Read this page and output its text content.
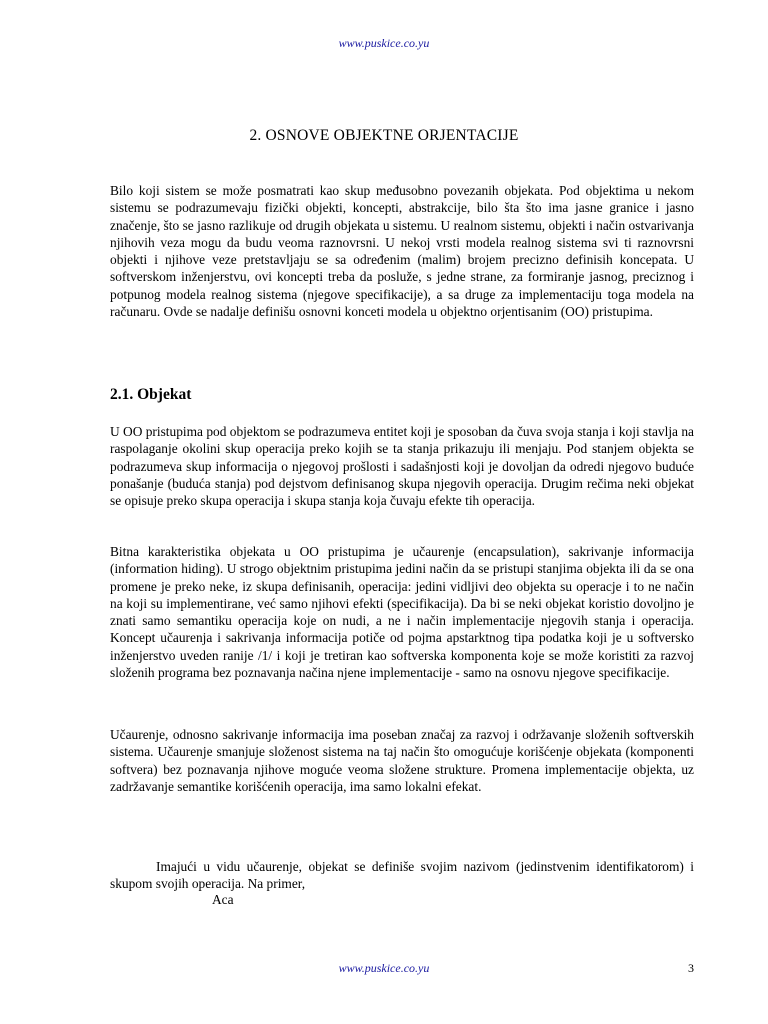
www.puskice.co.yu
2. OSNOVE OBJEKTNE ORJENTACIJE

Bilo koji sistem se može posmatrati kao skup međusobno povezanih objekata. Pod objektima u nekom sistemu se podrazumevaju fizički objekti, koncepti, abstrakcije, bilo šta što ima jasne granice i jasno značenje, što se jasno razlikuje od drugih objekata u sistemu. U realnom sistemu, objekti i način ostvarivanja njihovih veza mogu da budu veoma raznovrsni. U nekoj vrsti modela realnog sistema svi ti raznovrsni objekti i njihove veze pretstavljaju se sa određenim (malim) brojem precizno definisih koncepata. U softverskom inženjerstvu, ovi koncepti treba da posluže, s jedne strane, za formiranje jasnog, preciznog i potpunog modela realnog sistema (njegove specifikacije), a sa druge za implementaciju toga modela na računaru. Ovde se nadalje definišu osnovni konceti modela u objektno orjentisanim (OO) pristupima.

2.1. Objekat

U OO pristupima pod objektom se podrazumeva entitet koji je sposoban da čuva svoja stanja i koji stavlja na raspolaganje okolini skup operacija preko kojih se ta stanja prikazuju ili menjaju. Pod stanjem objekta se podrazumeva skup informacija o njegovoj prošlosti i sadašnjosti koji je dovoljan da odredi njegovo buduće ponašanje (buduća stanja) pod dejstvom definisanog skupa njegovih operacija. Drugim rečima neki objekat se opisuje preko skupa operacija i skupa stanja koja čuvaju efekte tih operacija.

Bitna karakteristika objekata u OO pristupima je učaurenje (encapsulation), sakrivanje informacija (information hiding). U strogo objektnim pristupima jedini način da se pristupi stanjima objekta ili da se ona promene je preko neke, iz skupa definisanih, operacija: jedini vidljivi deo objekta su operacje i to ne način na koji su implementirane, već samo njihovi efekti (specifikacija). Da bi se neki objekat koristio dovoljno je znati samo semantiku operacija koje on nudi, a ne i način implementacije njegovih stanja i operacija. Koncept učaurenja i sakrivanja informacija potiče od pojma apstarktnog tipa podatka koji je u softversko inženjerstvo uveden ranije /1/ i koji je tretiran kao softverska komponenta koje se može koristiti za razvoj složenih programa bez poznavanja načina njene implementacije - samo na osnovu njegove specifikacije.

Učaurenje, odnosno sakrivanje informacija ima poseban značaj za razvoj i održavanje složenih softverskih sistema. Učaurenje smanjuje složenost sistema na taj način što omogućuje korišćenje objekata (komponenti softvera) bez poznavanja njihove moguće veoma složene strukture. Promena implementacije objekta, uz zadržavanje semantike korišćenih operacija, ima samo lokalni efekat.

Imajući u vidu učaurenje, objekat se definiše svojim nazivom (jedinstvenim identifikatorom) i skupom svojih operacija. Na primer,

Aca

www.puskice.co.yu	3
